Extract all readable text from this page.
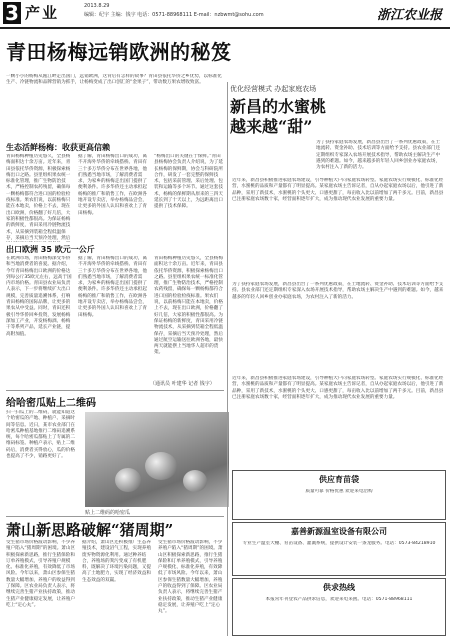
3 产业	2013.8.29
编辑：纪宇 主编：钱宇 电话：0571-88968111 E-mail：nzbwmt@sohu.com	浙江农业报
青田杨梅远销欧洲的秘笈
一颗小小的杨梅从瓯江畔走出国门，远销欧洲，这背后有怎样的故事？青田县依托华侨之乡优势，以标准化生产、冷链物流和品牌营销为抓手，让杨梅变成了出口创汇的“金果子”，带动数万果农增收致富。
生态活鲜杨梅：收获更高信赖
青田杨梅种植历史悠久，全县杨梅面积达十余万亩。近年来，青田县依托华侨资源，积极探索杨梅出口之路。县里组织果农统一标准化管理，推广生物防治技术，严格控制农药残留，确保每一颗杨梅都符合进口国的检验检疫标准。果农们说，以前杨梅只能在本地卖，价格上不去，现在出口欧洲，价格翻了好几倍，大家的积极性都很高。为保证杨梅的新鲜度，青田采用冷链物流技术，从采摘到装箱全程低温保存，采摘后当天预冷处理，然后
据了解，青田杨梅出口的成功，离不开海外华侨的牵线搭桥。青田有三十多万华侨分布在世界各地，他们熟悉当地市场，了解消费者需求，为家乡的杨梅走出国门提供了便利条件。许多华侨还主动承担起杨梅的推广和销售工作，在欧洲各地开设专卖店，举办杨梅品尝会，让更多的外国人认识和喜欢上了青田杨梅。
“杨梅出口的关键在于保鲜。”青田县杨梅协会负责人介绍说，为了延长杨梅的保鲜期，协会与科研院所合作，研发了一套完整的保鲜技术，包括采前管理、采后处理、包装和运输等多个环节。通过这套技术，杨梅的保鲜期从原来的三四天延长到了十天以上，为远距离出口提供了技术保障。
出口欧洲 35 欧元一公斤
在欧洲市场，青田杨梅深受华侨和当地消费者的喜爱。据介绍，今年青田杨梅出口欧洲的价格达到每公斤35欧元左右，远高于国内市场价格。青田县农业局负责人表示，下一步将继续扩大出口规模，完善质量追溯体系，打响青田杨梅的国际品牌，让更多的果农从中受益。同时，青田还积极引导华侨回乡投资，发展杨梅深加工产业，开发杨梅酒、杨梅干等系列产品，延长产业链，提高附加值。
据了解，青田杨梅出口的成功，离不开海外华侨的牵线搭桥。青田有三十多万华侨分布在世界各地，他们熟悉当地市场，了解消费者需求，为家乡的杨梅走出国门提供了便利条件。许多华侨还主动承担起杨梅的推广和销售工作，在欧洲各地开设专卖店，举办杨梅品尝会，让更多的外国人认识和喜欢上了青田杨梅。
青田杨梅种植历史悠久，全县杨梅面积达十余万亩。近年来，青田县依托华侨资源，积极探索杨梅出口之路。县里组织果农统一标准化管理，推广生物防治技术，严格控制农药残留，确保每一颗杨梅都符合进口国的检验检疫标准。果农们说，以前杨梅只能在本地卖，价格上不去，现在出口欧洲，价格翻了好几倍，大家的积极性都很高。为保证杨梅的新鲜度，青田采用冷链物流技术，从采摘到装箱全程低温保存，采摘后当天预冷处理，然后通过航空运输送往欧洲各地，最快两天就能摆上当地华人超市的货架。
（通讯员 叶建华 记者 钱宇）
给哈密瓜贴上二维码
扫一扫瓜上的二维码，就能知道这个哈密瓜的产地、种植户、采摘时间等信息。近日，某市农业部门在哈密瓜种植基地推行二维码追溯系统，每个哈密瓜都贴上了专属的二维码标签。种植户表示，贴上二维码后，消费者买得放心，瓜的价格也提高了不少，销路更好了。
贴上二维码的哈密瓜
萧山新思路破解“猪周期”
受生猪市场价格波动影响，不少养殖户陷入“猪周期”的困境。萧山区积极探索新思路，推行生猪保险和订单养殖模式，引导养殖户规模化、标准化养殖，有效降低了市场风险。今年以来，萧山区参保生猪数量大幅增加，养殖户的收益得到了保障。区农业局负责人表示，将继续完善生猪产业扶持政策，推动生猪产业健康稳定发展，让养殖户吃上“定心丸”。
据介绍，萧山区还积极推广生态养殖技术，建设沼气工程，实现养殖废弃物资源化利用。通过种养结合，养殖场的粪污变成了有机肥料，既解决了环境污染问题，又提高了土地肥力，实现了经济效益和生态效益的双赢。
受生猪市场价格波动影响，不少养殖户陷入“猪周期”的困境。萧山区积极探索新思路，推行生猪保险和订单养殖模式，引导养殖户规模化、标准化养殖，有效降低了市场风险。今年以来，萧山区参保生猪数量大幅增加，养殖户的收益得到了保障。区农业局负责人表示，将继续完善生猪产业扶持政策，推动生猪产业健康稳定发展，让养殖户吃上“定心丸”。
优化经营模式 办起家庭农场
新昌的水蜜桃
越来越“甜”
为了扶持家庭农场发展，新昌县出台了一系列优惠政策，在土地流转、资金补助、技术培训等方面给予支持。县农业部门还定期组织专家深入农场开展技术指导，帮助农场主解决生产中遇到的难题。如今，越来越多的年轻人回乡创业办家庭农场，为农村注入了新的活力。
近年来，新昌县积极推进家庭农场建设，引导种植大户向家庭农场转型。家庭农场实行规模化、标准化经营，水蜜桃的品质和产量都有了明显提高。某家庭农场主告诉记者，自从办起家庭农场以后，他引进了新品种，采用了新技术，水蜜桃的个头更大、口感更甜了，每亩收入比以前增加了两千多元。目前，新昌县已注册家庭农场数十家，经营面积逐年扩大，成为推动现代农业发展的重要力量。
为了扶持家庭农场发展，新昌县出台了一系列优惠政策，在土地流转、资金补助、技术培训等方面给予支持。县农业部门还定期组织专家深入农场开展技术指导，帮助农场主解决生产中遇到的难题。如今，越来越多的年轻人回乡创业办家庭农场，为农村注入了新的活力。
近年来，新昌县积极推进家庭农场建设，引导种植大户向家庭农场转型。家庭农场实行规模化、标准化经营，水蜜桃的品质和产量都有了明显提高。某家庭农场主告诉记者，自从办起家庭农场以后，他引进了新品种，采用了新技术，水蜜桃的个头更大、口感更甜了，每亩收入比以前增加了两千多元。目前，新昌县已注册家庭农场数十家，经营面积逐年扩大，成为推动现代农业发展的重要力量。
供应育苗袋
质量可靠 价格优惠 欢迎来电洽购
嘉善新源温室设备有限公司
专业生产温室大棚、育苗设备、灌溉系统，提供设计安装一条龙服务。电话：0573-84218910
供求热线
本报常年刊登农产品供求信息，欢迎来电来函。电话：0571-88968111
